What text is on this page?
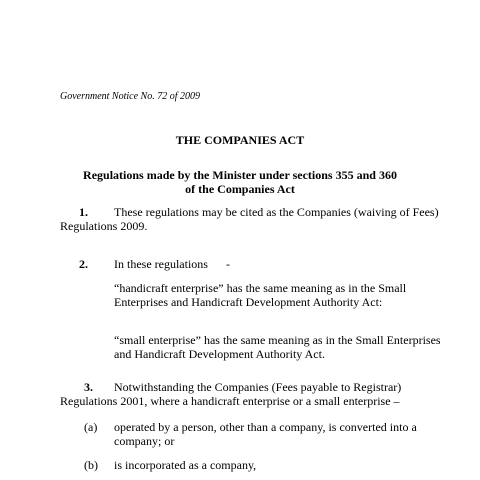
Government Notice No. 72 of 2009
THE COMPANIES ACT
Regulations made by the Minister under sections 355 and 360
of the Companies Act
1. These regulations may be cited as the Companies (waiving of Fees)
Regulations 2009.
2. In these regulations -
“handicraft enterprise” has the same meaning as in the Small
Enterprises and Handicraft Development Authority Act:
“small enterprise” has the same meaning as in the Small Enterprises
and Handicraft Development Authority Act.
3. Notwithstanding the Companies (Fees payable to Registrar)
Regulations 2001, where a handicraft enterprise or a small enterprise –
(a) operated by a person, other than a company, is converted into a
company; or
(b) is incorporated as a company,
